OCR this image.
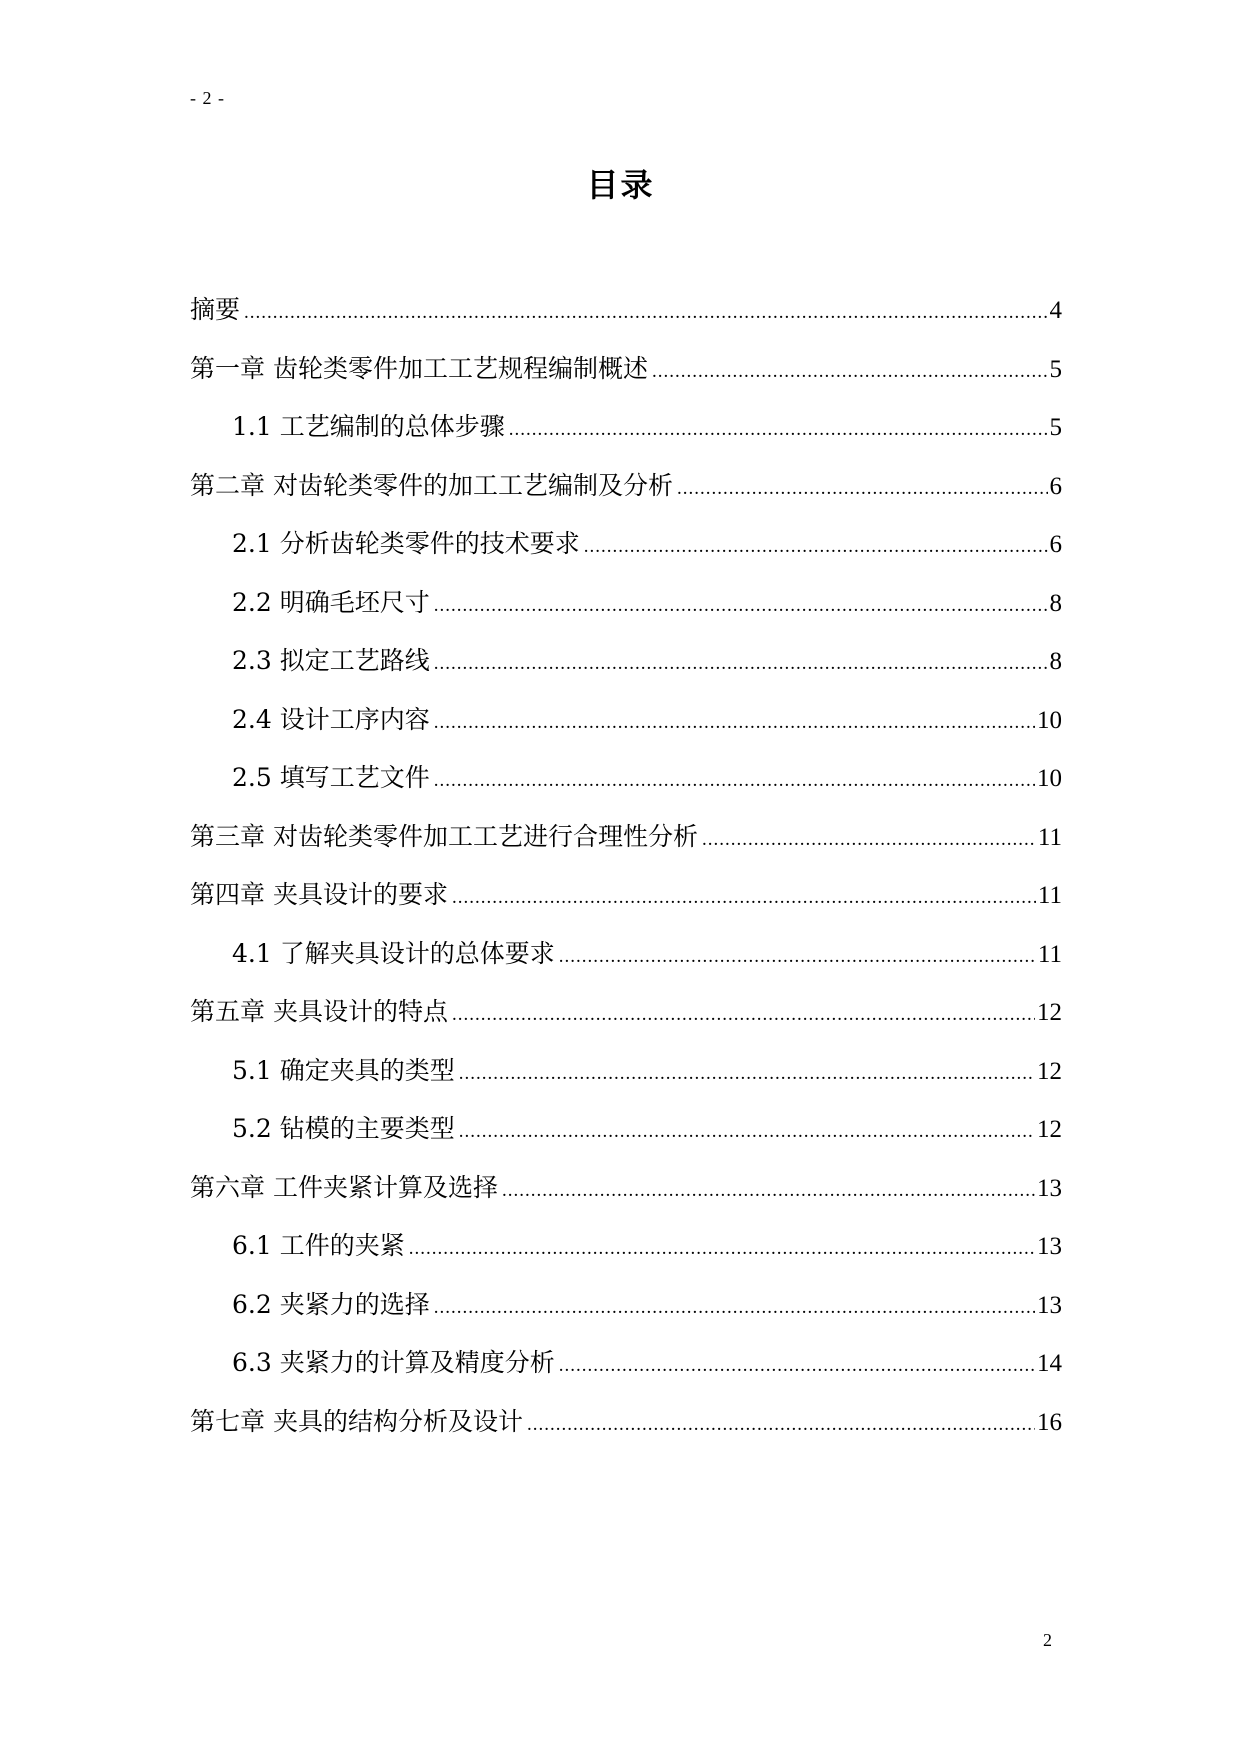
- 2 -
目录
摘要 .....	4
第一章 齿轮类零件加工工艺规程编制概述 .....	5
1.1 工艺编制的总体步骤 .....	5
第二章 对齿轮类零件的加工工艺编制及分析 .....	6
2.1 分析齿轮类零件的技术要求 .....	6
2.2 明确毛坯尺寸 .....	8
2.3 拟定工艺路线 .....	8
2.4 设计工序内容 .....	10
2.5 填写工艺文件 .....	10
第三章 对齿轮类零件加工工艺进行合理性分析 .....	11
第四章 夹具设计的要求 .....	11
4.1 了解夹具设计的总体要求 .....	11
第五章 夹具设计的特点 .....	12
5.1 确定夹具的类型 .....	12
5.2 钻模的主要类型 .....	12
第六章 工件夹紧计算及选择 .....	13
6.1 工件的夹紧 .....	13
6.2 夹紧力的选择 .....	13
6.3 夹紧力的计算及精度分析 .....	14
第七章 夹具的结构分析及设计 .....	16
2
